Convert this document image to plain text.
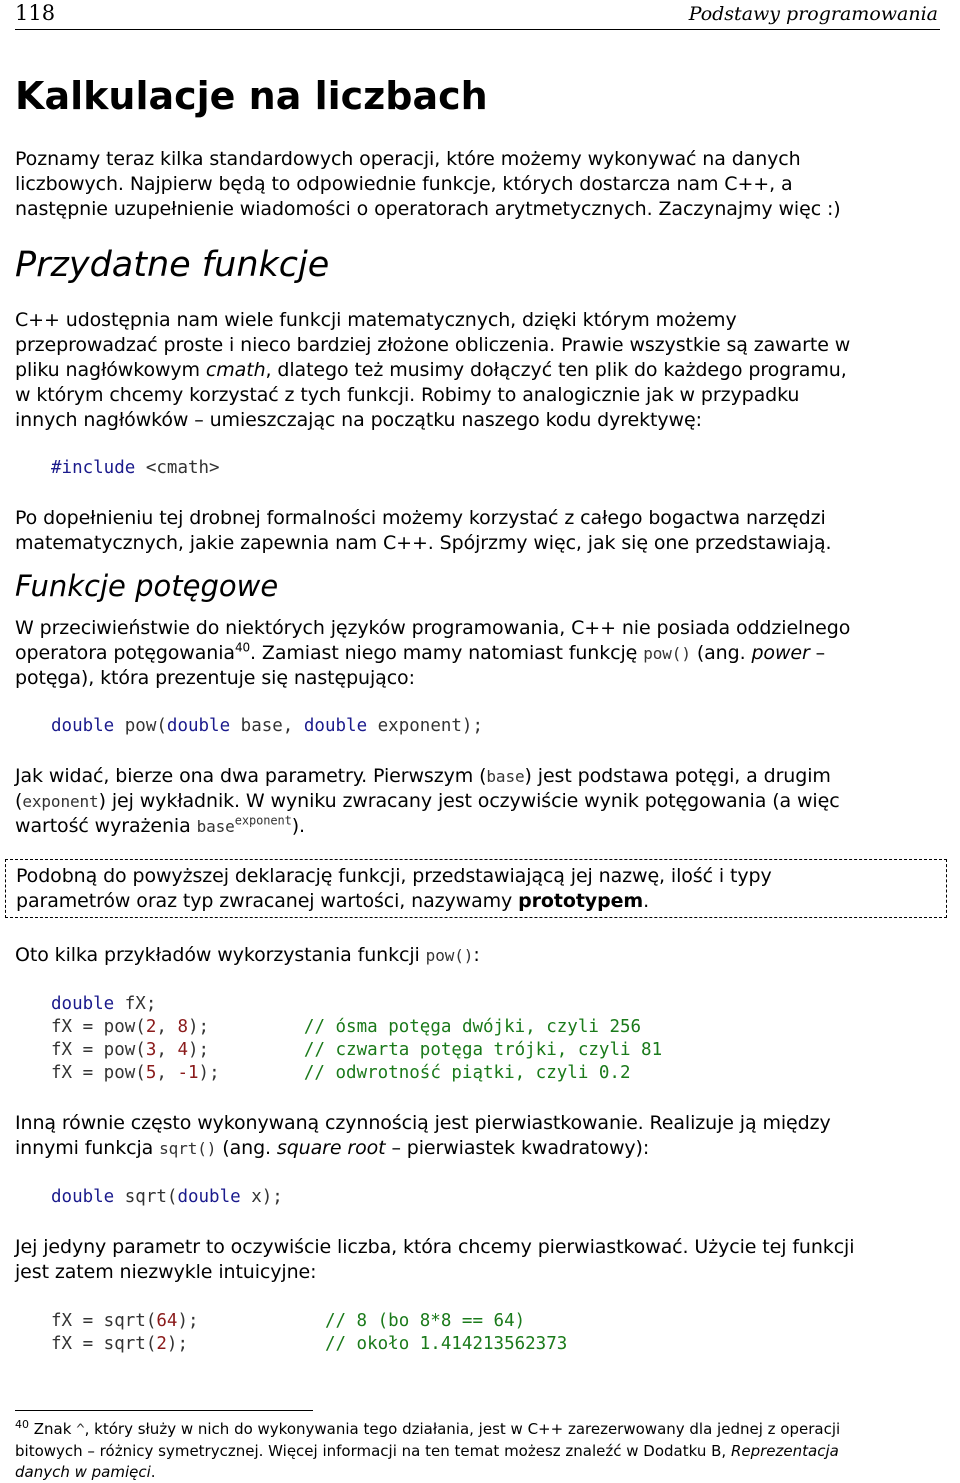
118	Podstawy programowania
Kalkulacje na liczbach

Poznamy teraz kilka standardowych operacji, które możemy wykonywać na danych
liczbowych. Najpierw będą to odpowiednie funkcje, których dostarcza nam C++, a
następnie uzupełnienie wiadomości o operatorach arytmetycznych. Zaczynajmy więc :)

Przydatne funkcje

C++ udostępnia nam wiele funkcji matematycznych, dzięki którym możemy
przeprowadzać proste i nieco bardziej złożone obliczenia. Prawie wszystkie są zawarte w
pliku nagłówkowym cmath, dlatego też musimy dołączyć ten plik do każdego programu,
w którym chcemy korzystać z tych funkcji. Robimy to analogicznie jak w przypadku
innych nagłówków – umieszczając na początku naszego kodu dyrektywę:

#include <cmath>

Po dopełnieniu tej drobnej formalności możemy korzystać z całego bogactwa narzędzi
matematycznych, jakie zapewnia nam C++. Spójrzmy więc, jak się one przedstawiają.

Funkcje potęgowe

W przeciwieństwie do niektórych języków programowania, C++ nie posiada oddzielnego
operatora potęgowania$^{40}$. Zamiast niego mamy natomiast funkcję pow() (ang. power –
potęga), która prezentuje się następująco:

double pow(double base, double exponent);

Jak widać, bierze ona dwa parametry. Pierwszym (base) jest podstawa potęgi, a drugim
(exponent) jej wykładnik. W wyniku zwracany jest oczywiście wynik potęgowania (a więc
wartość wyrażenia base$^{exponent}$).

Podobną do powyższej deklarację funkcji, przedstawiającą jej nazwę, ilość i typy
parametrów oraz typ zwracanej wartości, nazywamy prototypem.

Oto kilka przykładów wykorzystania funkcji pow():

double fX;
fX = pow(2, 8);         // ósma potęga dwójki, czyli 256
fX = pow(3, 4);         // czwarta potęga trójki, czyli 81
fX = pow(5, -1);        // odwrotność piątki, czyli 0.2

Inną równie często wykonywaną czynnością jest pierwiastkowanie. Realizuje ją między
innymi funkcja sqrt() (ang. square root – pierwiastek kwadratowy):

double sqrt(double x);

Jej jedyny parametr to oczywiście liczba, która chcemy pierwiastkować. Użycie tej funkcji
jest zatem niezwykle intuicyjne:

fX = sqrt(64);            // 8 (bo 8*8 == 64)
fX = sqrt(2);             // około 1.414213562373
$^{40}$ Znak ^, który służy w nich do wykonywania tego działania, jest w C++ zarezerwowany dla jednej z operacji
bitowych – różnicy symetrycznej. Więcej informacji na ten temat możesz znaleźć w Dodatku B, Reprezentacja
danych w pamięci.
